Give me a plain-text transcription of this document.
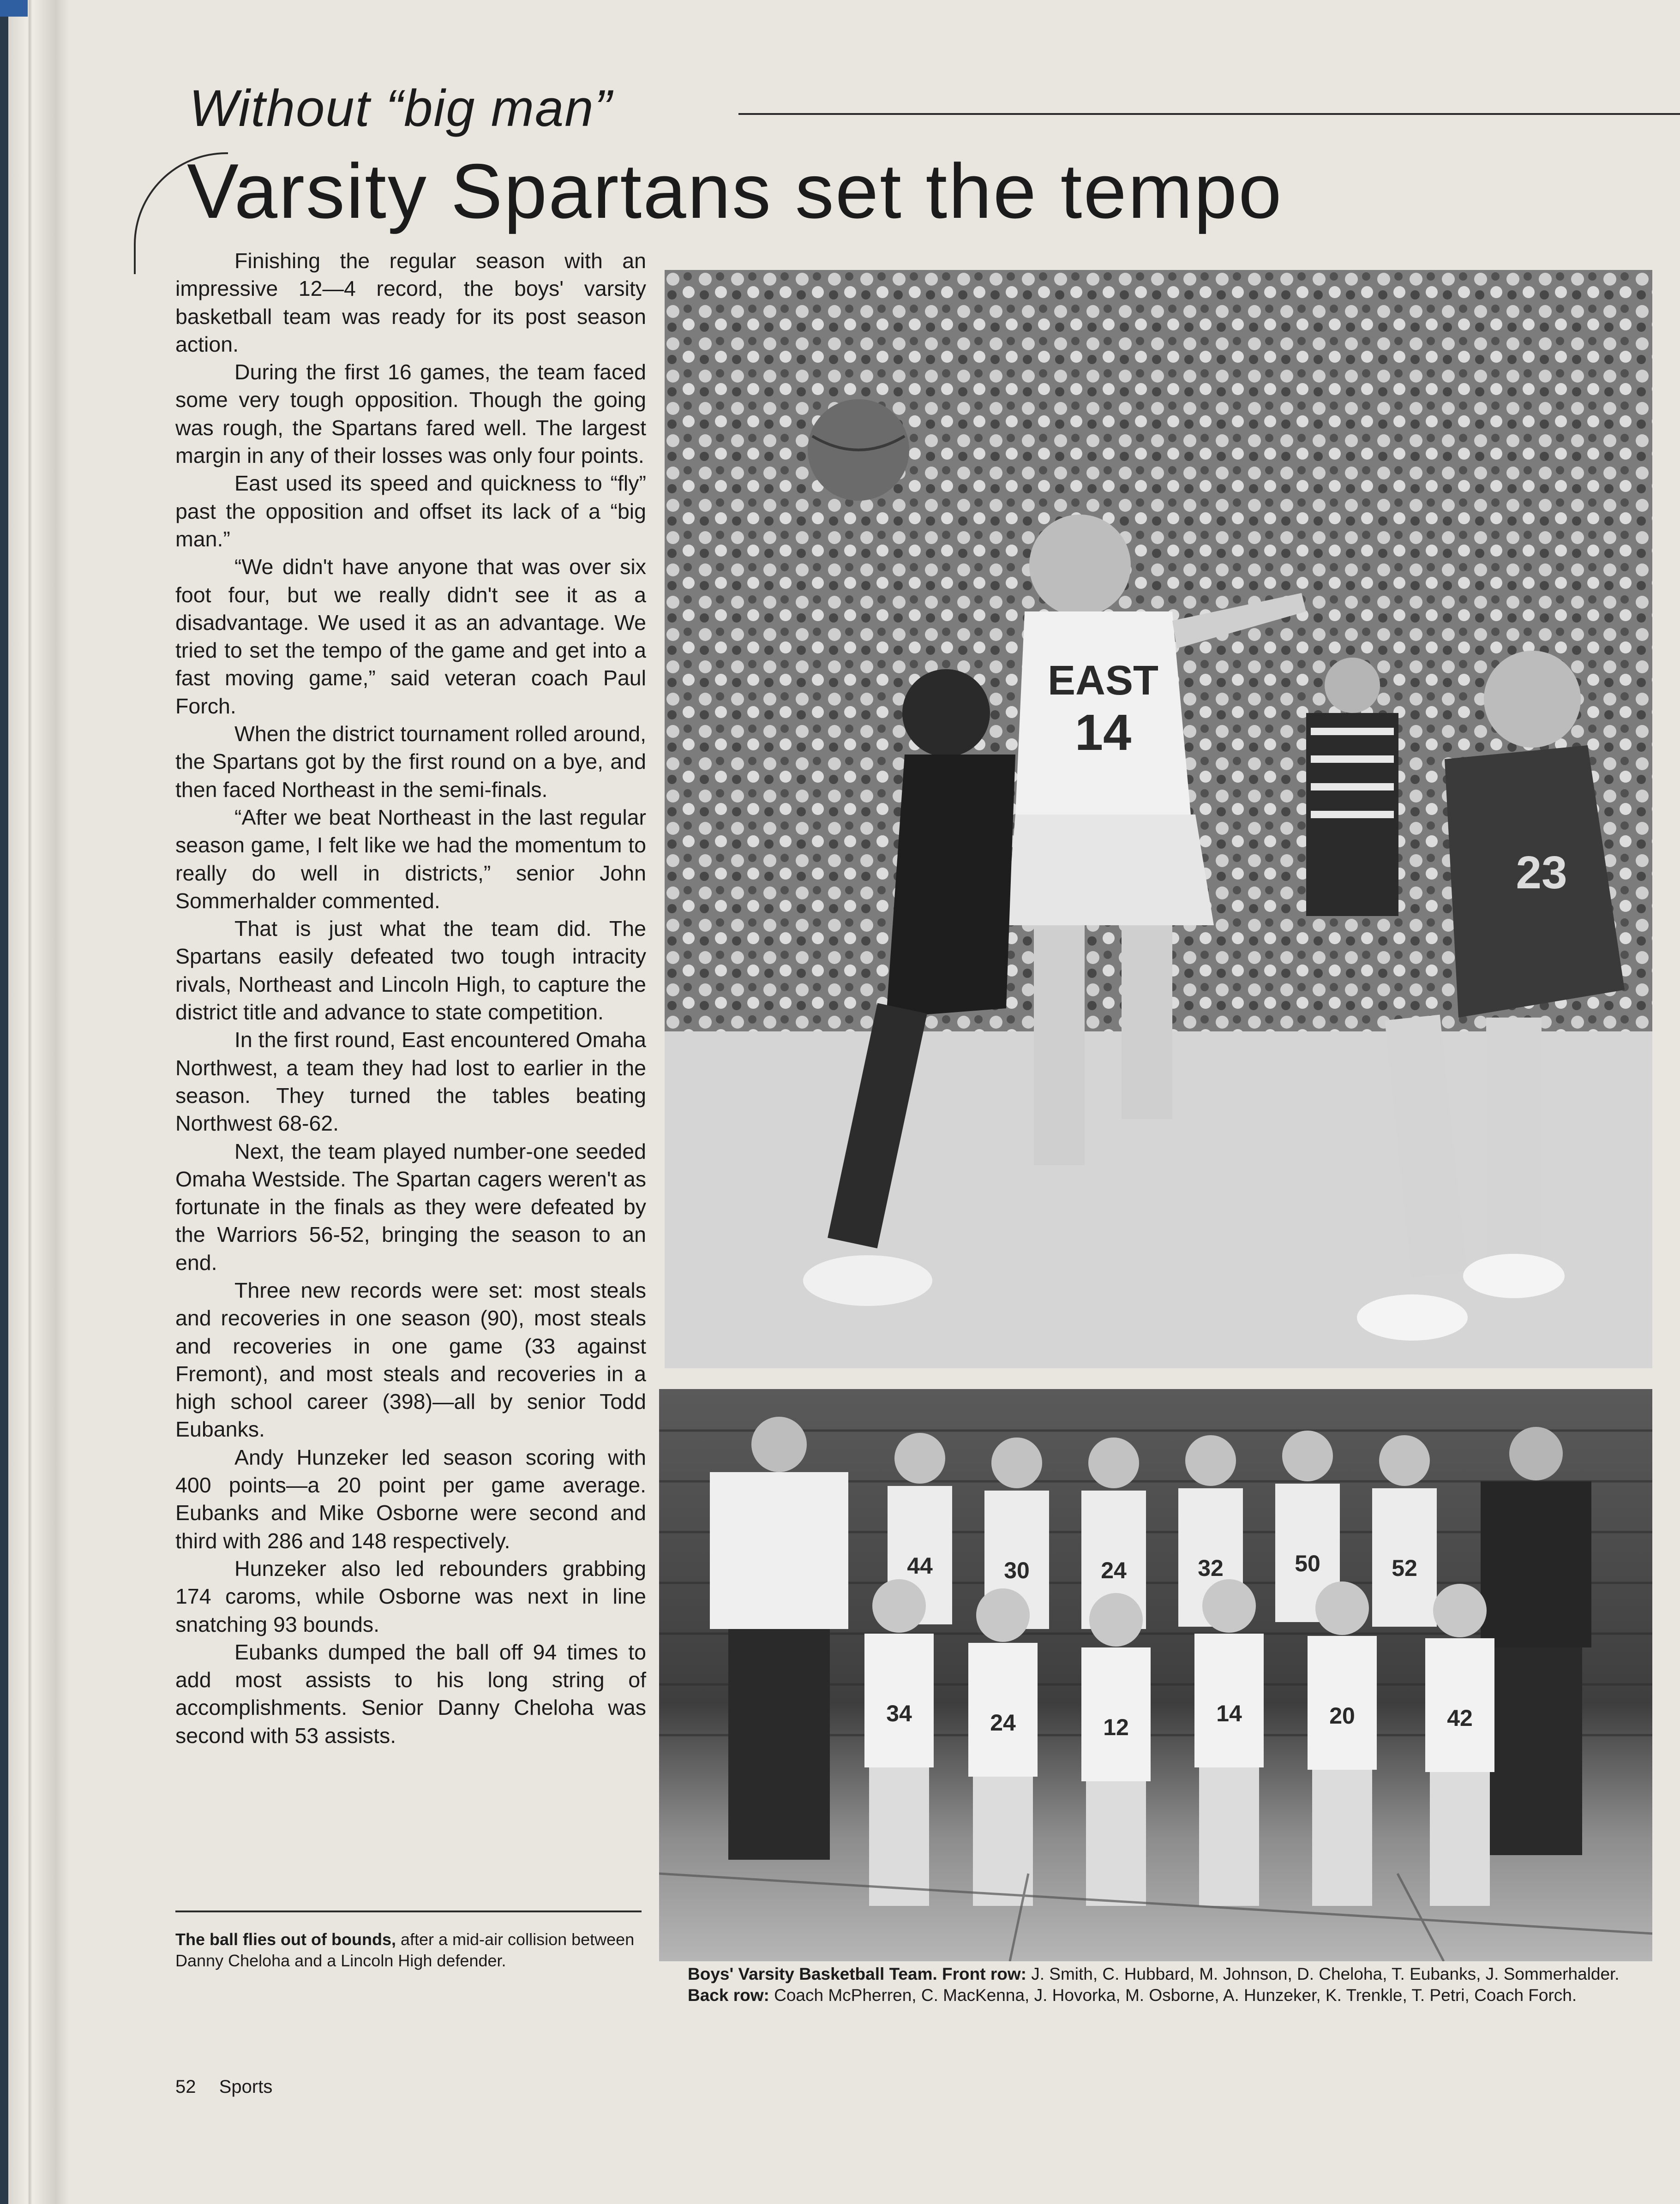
Without “big man”
Varsity Spartans set the tempo

Finishing the regular season with an impressive 12—4 record, the boys' varsity basketball team was ready for its post season action.

During the first 16 games, the team faced some very tough opposition. Though the going was rough, the Spartans fared well. The largest margin in any of their losses was only four points.

East used its speed and quickness to “fly” past the opposition and offset its lack of a “big man.”

“We didn't have anyone that was over six foot four, but we really didn't see it as a disadvantage. We used it as an advantage. We tried to set the tempo of the game and get into a fast moving game,” said veteran coach Paul Forch.

When the district tournament rolled around, the Spartans got by the first round on a bye, and then faced Northeast in the semi-finals.

“After we beat Northeast in the last regular season game, I felt like we had the momentum to really do well in districts,” senior John Sommerhalder commented.

That is just what the team did. The Spartans easily defeated two tough intracity rivals, Northeast and Lincoln High, to capture the district title and advance to state competition.

In the first round, East encountered Omaha Northwest, a team they had lost to earlier in the season. They turned the tables beating Northwest 68-62.

Next, the team played number-one seeded Omaha Westside. The Spartan cagers weren't as fortunate in the finals as they were defeated by the Warriors 56-52, bringing the season to an end.

Three new records were set: most steals and recoveries in one season (90), most steals and recoveries in one game (33 against Fremont), and most steals and recoveries in a high school career (398)—all by senior Todd Eubanks.

Andy Hunzeker led season scoring with 400 points—a 20 point per game average. Eubanks and Mike Osborne were second and third with 286 and 148 respectively.

Hunzeker also led rebounders grabbing 174 caroms, while Osborne was next in line snatching 93 bounds.

Eubanks dumped the ball off 94 times to add most assists to his long string of accomplishments. Senior Danny Cheloha was second with 53 assists.

The ball flies out of bounds, after a mid-air collision between Danny Cheloha and a Lincoln High defender.
EAST
14
23
44	30	24	32	50	52
34	24	12
14	20	42
Boys' Varsity Basketball Team. Front row: J. Smith, C. Hubbard, M. Johnson, D. Cheloha, T. Eubanks, J. Sommerhalder. Back row: Coach McPherren, C. MacKenna, J. Hovorka, M. Osborne, A. Hunzeker, K. Trenkle, T. Petri, Coach Forch.
52 Sports
